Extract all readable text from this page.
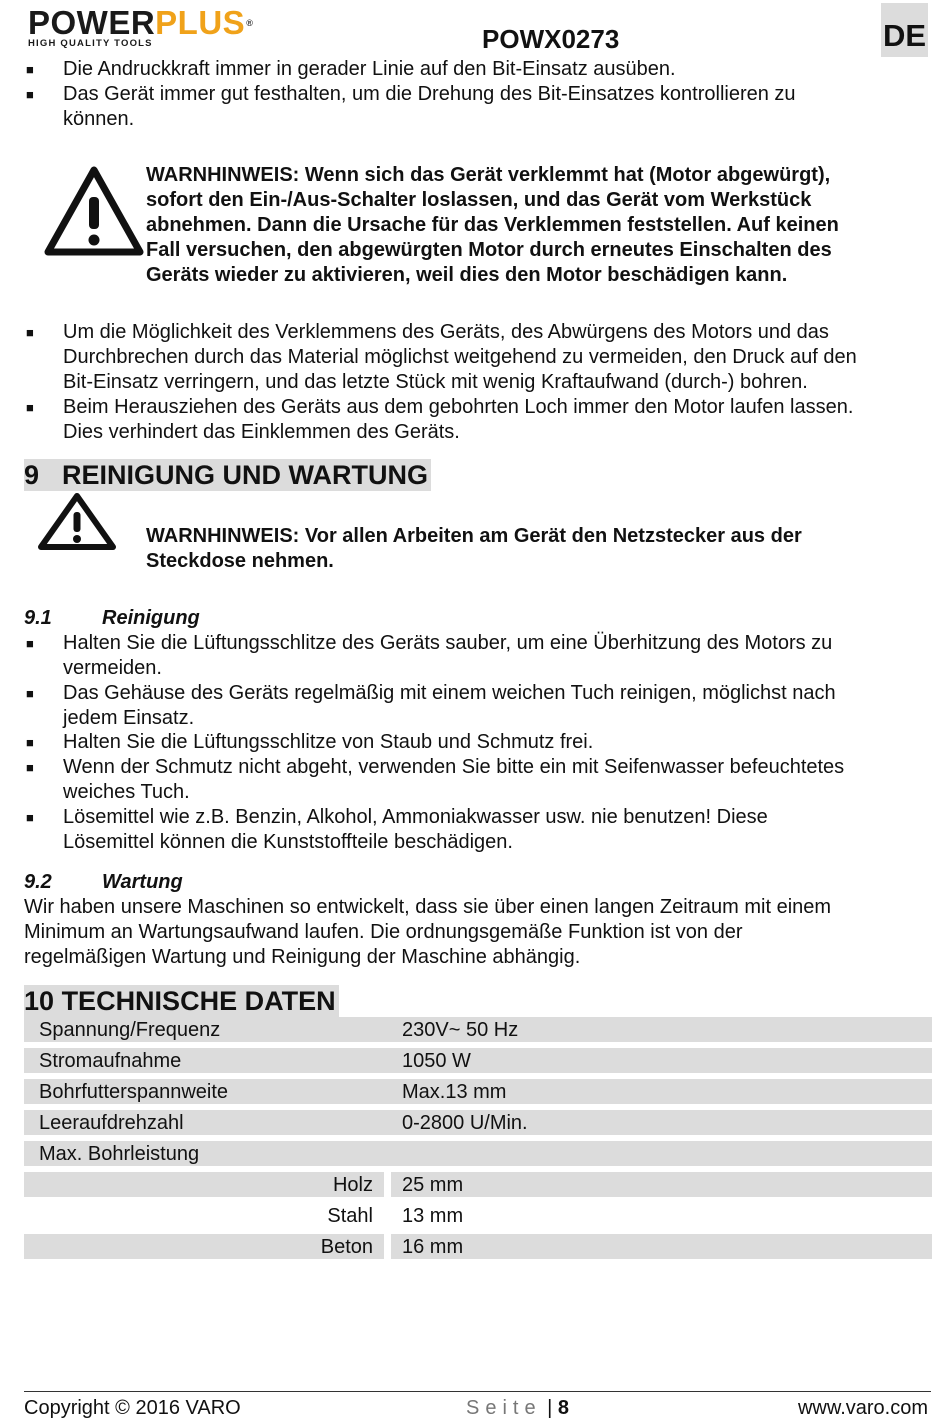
POWERPLUS®
HIGH QUALITY TOOLS	POWX0273	DE
■	Die Andruckkraft immer in gerader Linie auf den Bit-Einsatz ausüben.
■	Das Gerät immer gut festhalten, um die Drehung des Bit-Einsatzes kontrollieren zu
können.
WARNHINWEIS: Wenn sich das Gerät verklemmt hat (Motor abgewürgt),
sofort den Ein-/Aus-Schalter loslassen, und das Gerät vom Werkstück
abnehmen. Dann die Ursache für das Verklemmen feststellen. Auf keinen
Fall versuchen, den abgewürgten Motor durch erneutes Einschalten des
Geräts wieder zu aktivieren, weil dies den Motor beschädigen kann.
■	Um die Möglichkeit des Verklemmens des Geräts, des Abwürgens des Motors und das
Durchbrechen durch das Material möglichst weitgehend zu vermeiden, den Druck auf den
Bit-Einsatz verringern, und das letzte Stück mit wenig Kraftaufwand (durch-) bohren.
■	Beim Herausziehen des Geräts aus dem gebohrten Loch immer den Motor laufen lassen.
Dies verhindert das Einklemmen des Geräts.
9 REINIGUNG UND WARTUNG
WARNHINWEIS: Vor allen Arbeiten am Gerät den Netzstecker aus der
Steckdose nehmen.
9.1	Reinigung
■	Halten Sie die Lüftungsschlitze des Geräts sauber, um eine Überhitzung des Motors zu
vermeiden.
■	Das Gehäuse des Geräts regelmäßig mit einem weichen Tuch reinigen, möglichst nach
jedem Einsatz.
■	Halten Sie die Lüftungsschlitze von Staub und Schmutz frei.
■	Wenn der Schmutz nicht abgeht, verwenden Sie bitte ein mit Seifenwasser befeuchtetes
weiches Tuch.
■	Lösemittel wie z.B. Benzin, Alkohol, Ammoniakwasser usw. nie benutzen! Diese
Lösemittel können die Kunststoffteile beschädigen.
9.2	Wartung
Wir haben unsere Maschinen so entwickelt, dass sie über einen langen Zeitraum mit einem
Minimum an Wartungsaufwand laufen. Die ordnungsgemäße Funktion ist von der
regelmäßigen Wartung und Reinigung der Maschine abhängig.
10 TECHNISCHE DATEN
Spannung/Frequenz	230V~ 50 Hz
Stromaufnahme	1050 W
Bohrfutterspannweite	Max.13 mm
Leeraufdrehzahl	0-2800 U/Min.
Max. Bohrleistung
Holz	25 mm
Stahl	13 mm
Beton	16 mm
Copyright © 2016 VARO	Seite | 8	www.varo.com
